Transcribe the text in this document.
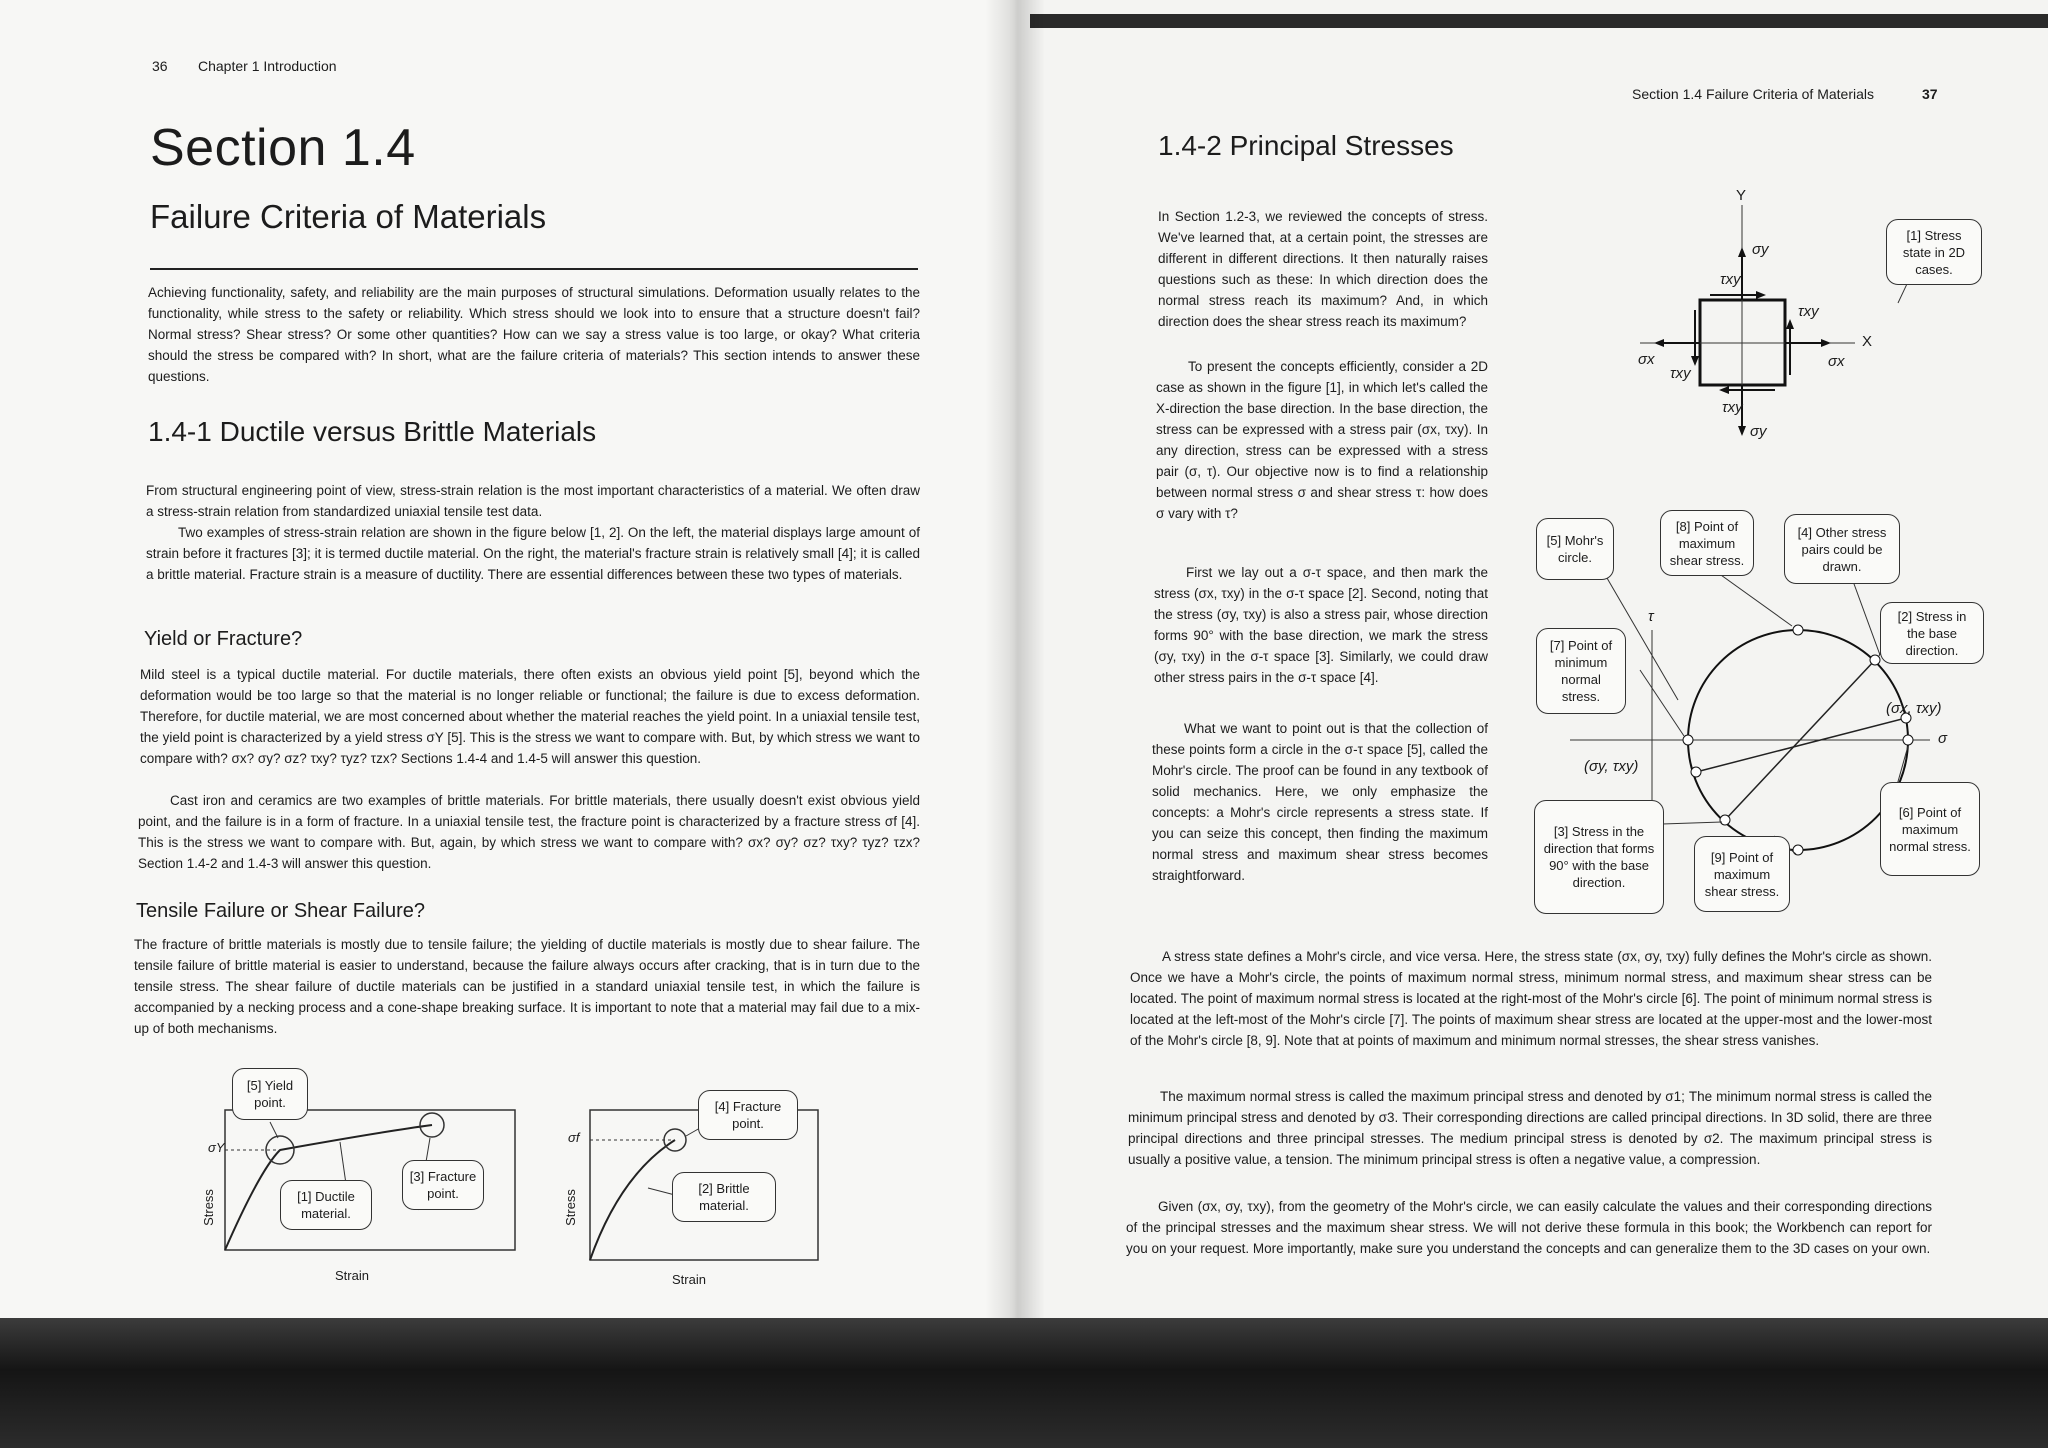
36 Chapter 1 Introduction
Section 1.4
Failure Criteria of Materials
Achieving functionality, safety, and reliability are the main purposes of structural simulations. Deformation usually relates to the functionality, while stress to the safety or reliability. Which stress should we look into to ensure that a structure doesn't fail? Normal stress? Shear stress? Or some other quantities? How can we say a stress value is too large, or okay? What criteria should the stress be compared with? In short, what are the failure criteria of materials? This section intends to answer these questions.
1.4-1 Ductile versus Brittle Materials
From structural engineering point of view, stress-strain relation is the most important characteristics of a material. We often draw a stress-strain relation from standardized uniaxial tensile test data.
Two examples of stress-strain relation are shown in the figure below [1, 2]. On the left, the material displays large amount of strain before it fractures [3]; it is termed ductile material. On the right, the material's fracture strain is relatively small [4]; it is called a brittle material. Fracture strain is a measure of ductility. There are essential differences between these two types of materials.
Yield or Fracture?
Mild steel is a typical ductile material. For ductile materials, there often exists an obvious yield point [5], beyond which the deformation would be too large so that the material is no longer reliable or functional; the failure is due to excess deformation. Therefore, for ductile material, we are most concerned about whether the material reaches the yield point. In a uniaxial tensile test, the yield point is characterized by a yield stress σY [5]. This is the stress we want to compare with. But, by which stress we want to compare with? σx? σy? σz? τxy? τyz? τzx? Sections 1.4-4 and 1.4-5 will answer this question.
Cast iron and ceramics are two examples of brittle materials. For brittle materials, there usually doesn't exist obvious yield point, and the failure is in a form of fracture. In a uniaxial tensile test, the fracture point is characterized by a fracture stress σf [4]. This is the stress we want to compare with. But, again, by which stress we want to compare with? σx? σy? σz? τxy? τyz? τzx? Section 1.4-2 and 1.4-3 will answer this question.
Tensile Failure or Shear Failure?
The fracture of brittle materials is mostly due to tensile failure; the yielding of ductile materials is mostly due to shear failure. The tensile failure of brittle material is easier to understand, because the failure always occurs after cracking, that is in turn due to the tensile stress. The shear failure of ductile materials can be justified in a standard uniaxial tensile test, in which the failure is accompanied by a necking process and a cone-shape breaking surface. It is important to note that a material may fail due to a mix-up of both mechanisms.
[5] Yield point.
[1] Ductile material.
[3] Fracture point.
σY
Stress
Strain
[4] Fracture point.
[2] Brittle material.
σf
Stress
Strain
Section 1.4 Failure Criteria of Materials	37
1.4-2 Principal Stresses
In Section 1.2-3, we reviewed the concepts of stress. We've learned that, at a certain point, the stresses are different in different directions. It then naturally raises questions such as these: In which direction does the normal stress reach its maximum? And, in which direction does the shear stress reach its maximum?
To present the concepts efficiently, consider a 2D case as shown in the figure [1], in which let's called the X-direction the base direction. In the base direction, the stress can be expressed with a stress pair (σx, τxy). In any direction, stress can be expressed with a stress pair (σ, τ). Our objective now is to find a relationship between normal stress σ and shear stress τ: how does σ vary with τ?
First we lay out a σ-τ space, and then mark the stress (σx, τxy) in the σ-τ space [2]. Second, noting that the stress (σy, τxy) is also a stress pair, whose direction forms 90° with the base direction, we mark the stress (σy, τxy) in the σ-τ space [3]. Similarly, we could draw other stress pairs in the σ-τ space [4].
What we want to point out is that the collection of these points form a circle in the σ-τ space [5], called the Mohr's circle. The proof can be found in any textbook of solid mechanics. Here, we only emphasize the concepts: a Mohr's circle represents a stress state. If you can seize this concept, then finding the maximum normal stress and maximum shear stress becomes straightforward.
[1] Stress state in 2D cases.
Y
X
σy
σy
σx	σx
τxy
τxy
τxy
τxy
[5] Mohr's circle.
[8] Point of maximum shear stress.
[4] Other stress pairs could be drawn.
[2] Stress in the base direction.
[7] Point of minimum normal stress.
[6] Point of maximum normal stress.
[3] Stress in the direction that forms 90° with the base direction.
[9] Point of maximum shear stress.
τ
σ
(σx, τxy)
(σy, τxy)
A stress state defines a Mohr's circle, and vice versa. Here, the stress state (σx, σy, τxy) fully defines the Mohr's circle as shown. Once we have a Mohr's circle, the points of maximum normal stress, minimum normal stress, and maximum shear stress can be located. The point of maximum normal stress is located at the right-most of the Mohr's circle [6]. The point of minimum normal stress is located at the left-most of the Mohr's circle [7]. The points of maximum shear stress are located at the upper-most and the lower-most of the Mohr's circle [8, 9]. Note that at points of maximum and minimum normal stresses, the shear stress vanishes.
The maximum normal stress is called the maximum principal stress and denoted by σ1; The minimum normal stress is called the minimum principal stress and denoted by σ3. Their corresponding directions are called principal directions. In 3D solid, there are three principal directions and three principal stresses. The medium principal stress is denoted by σ2. The maximum principal stress is usually a positive value, a tension. The minimum principal stress is often a negative value, a compression.
Given (σx, σy, τxy), from the geometry of the Mohr's circle, we can easily calculate the values and their corresponding directions of the principal stresses and the maximum shear stress. We will not derive these formula in this book; the Workbench can report for you on your request. More importantly, make sure you understand the concepts and can generalize them to the 3D cases on your own.
